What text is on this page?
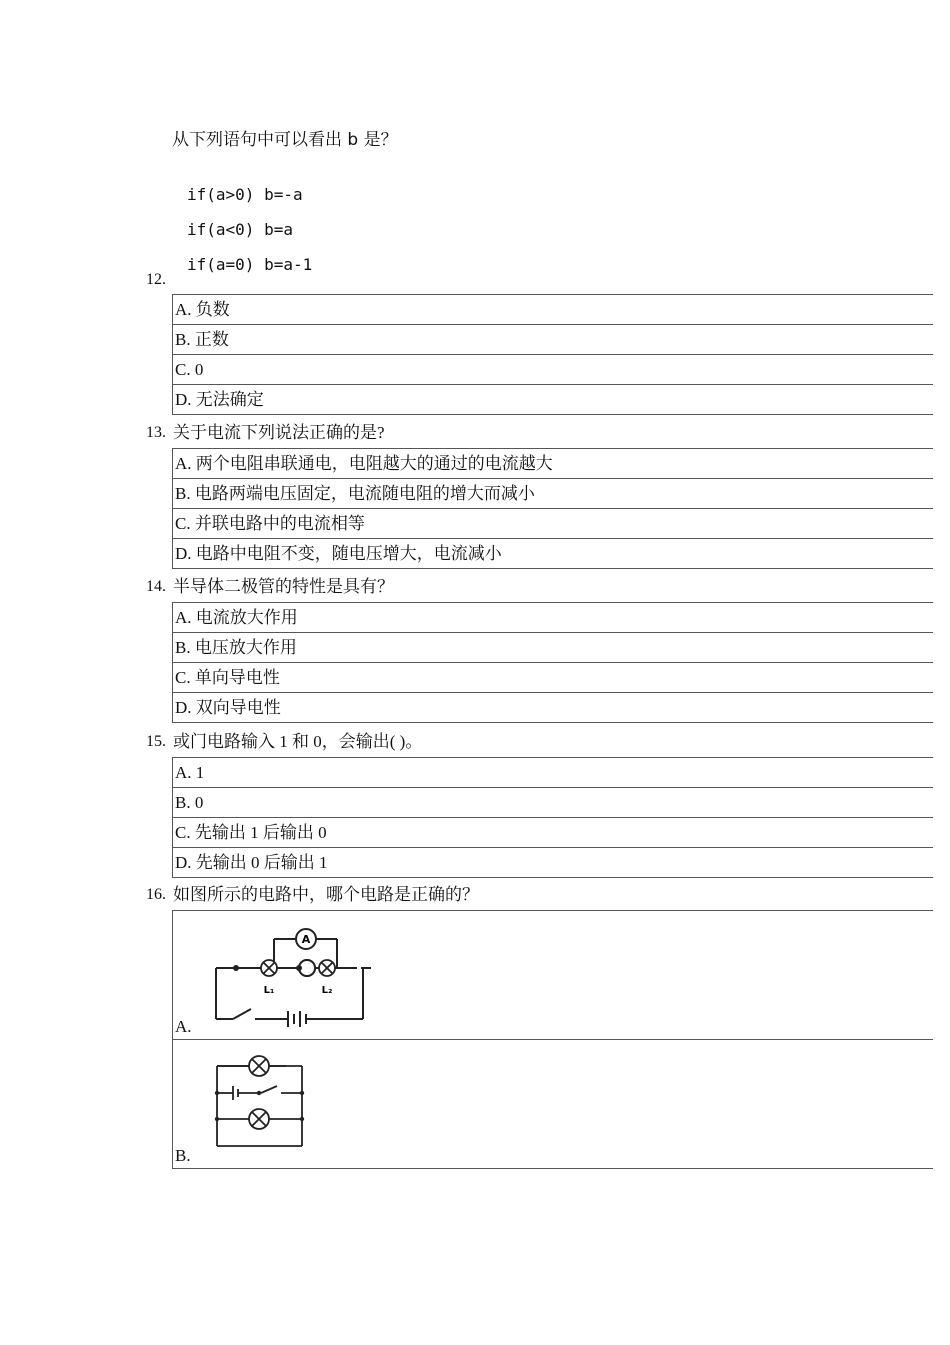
从下列语句中可以看出 b 是？
if(a>0) b=-a
if(a<0) b=a
if(a=0) b=a-1
12.
A. 负数
B. 正数
C. 0
D. 无法确定
13. 关于电流下列说法正确的是?
A. 两个电阻串联通电，电阻越大的通过的电流越大
B. 电路两端电压固定，电流随电阻的增大而减小
C. 并联电路中的电流相等
D. 电路中电阻不变，随电压增大，电流减小
14. 半导体二极管的特性是具有？
A. 电流放大作用
B. 电压放大作用
C. 单向导电性
D. 双向导电性
15. 或门电路输入 1 和 0，会输出( )。
A. 1
B. 0
C. 先输出 1 后输出 0
D. 先输出 0 后输出 1
16. 如图所示的电路中，哪个电路是正确的？
A.
L₁	L₂
A
B.
